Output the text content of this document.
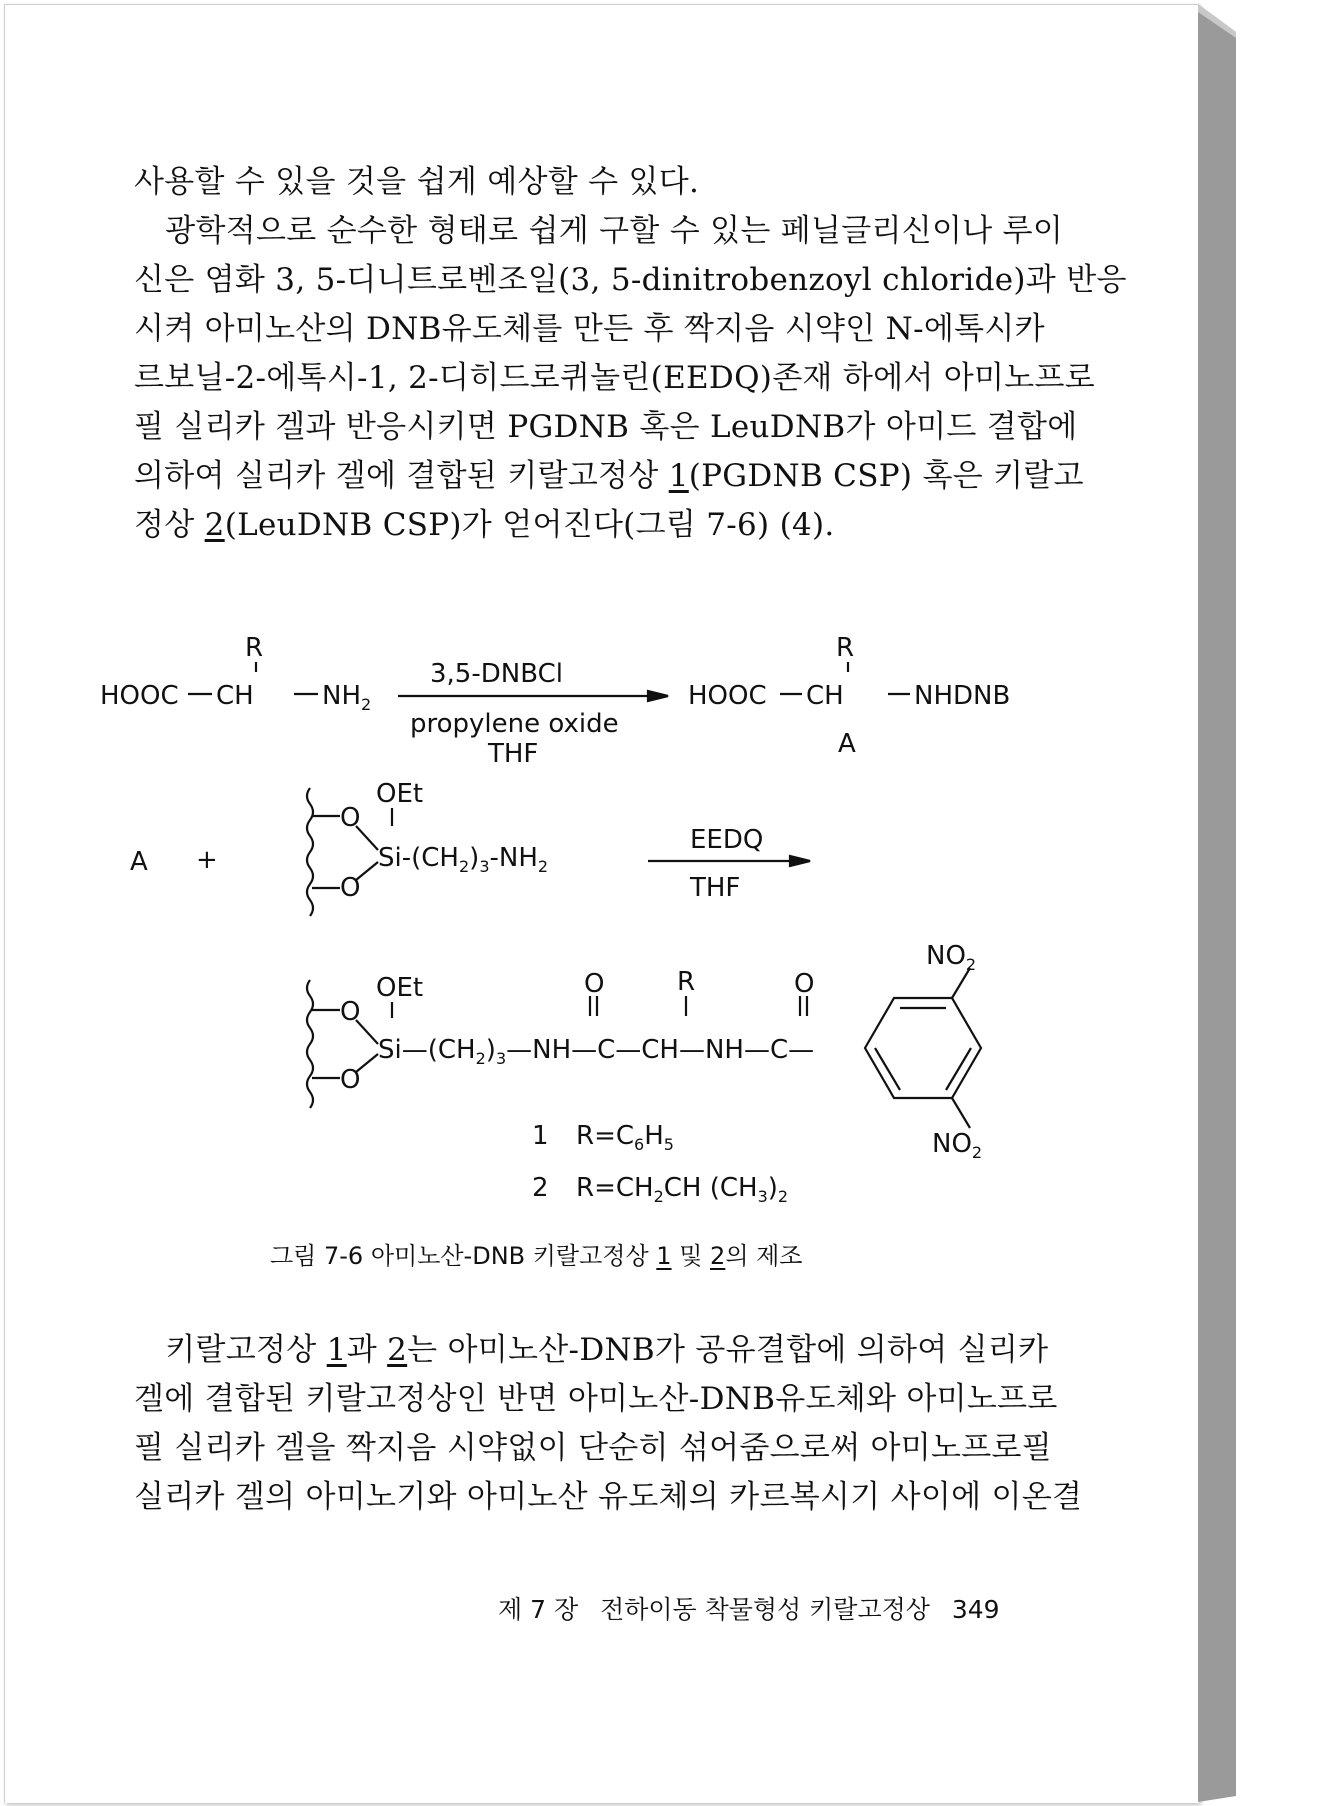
사용할 수 있을 것을 쉽게 예상할 수 있다.
　광학적으로 순수한 형태로 쉽게 구할 수 있는 페닐글리신이나 루이
신은 염화 3, 5-디니트로벤조일(3, 5-dinitrobenzoyl chloride)과 반응
시켜 아미노산의 DNB유도체를 만든 후 짝지음 시약인 N-에톡시카
르보닐-2-에톡시-1, 2-디히드로퀴놀린(EEDQ)존재 하에서 아미노프로
필 실리카 겔과 반응시키면 PGDNB 혹은 LeuDNB가 아미드 결합에
의하여 실리카 겔에 결합된 키랄고정상 1(PGDNB CSP) 혹은 키랄고
정상 2(LeuDNB CSP)가 얻어진다(그림 7-6) (4).
R
HOOC CH	$NH_2$
3,5-DNBCl
propylene oxide
THF
R
HOOC CH	NHDNB
A
A +
OEt
O
O
$Si-(CH_2)_3-NH_2$
EEDQ
THF
OEt
O
O
$Si—(CH_2)_3—NH—C—CH—NH—C—$
O	R	O
$NO_2$
$NO_2$
1 $R=C_6H_5$
2 $R=CH_2CH$ $(CH_3)_2$
그림 7-6 아미노산-DNB 키랄고정상 1 및 2의 제조
　키랄고정상 1과 2는 아미노산-DNB가 공유결합에 의하여 실리카
겔에 결합된 키랄고정상인 반면 아미노산-DNB유도체와 아미노프로
필 실리카 겔을 짝지음 시약없이 단순히 섞어줌으로써 아미노프로필
실리카 겔의 아미노기와 아미노산 유도체의 카르복시기 사이에 이온결
제 7 장 전하이동 착물형성 키랄고정상 349
